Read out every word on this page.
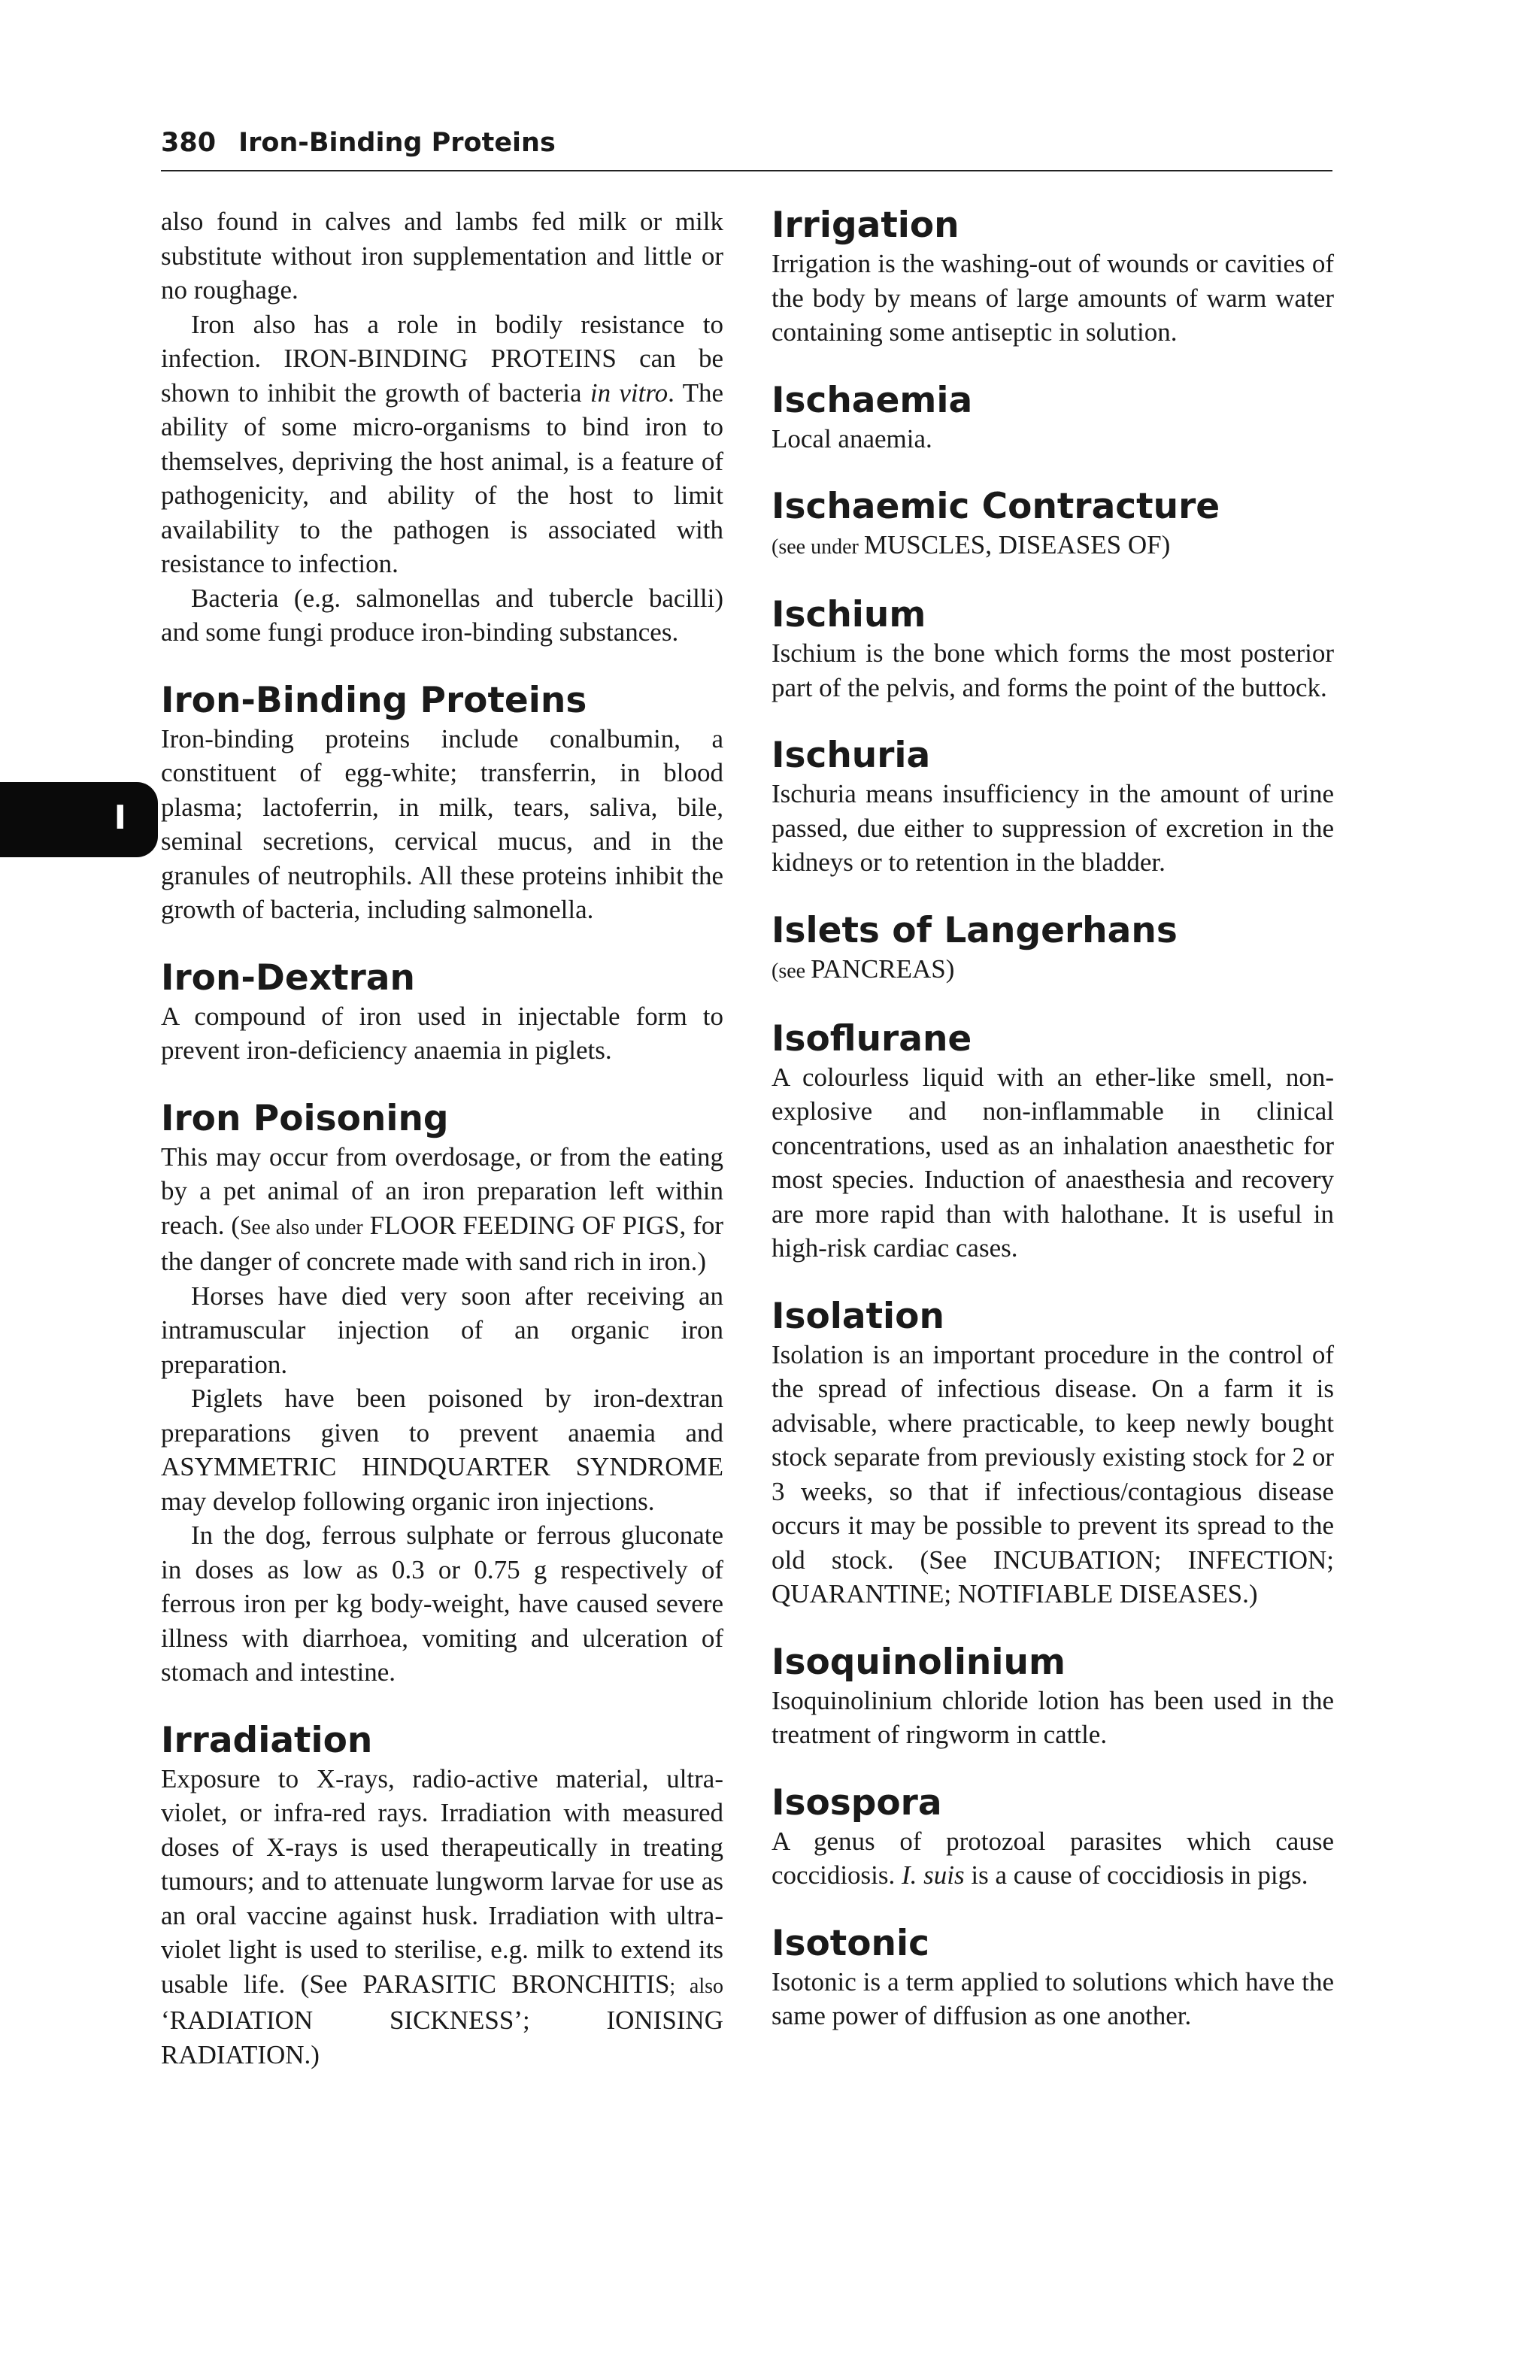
380 Iron-Binding Proteins
I

also found in calves and lambs fed milk or milk substitute without iron supplementation and little or no roughage.

Iron also has a role in bodily resistance to infection. IRON-BINDING PROTEINS can be shown to inhibit the growth of bacteria in vitro. The ability of some micro-organisms to bind iron to themselves, depriving the host animal, is a feature of pathogenicity, and ability of the host to limit availability to the pathogen is associated with resistance to infection.

Bacteria (e.g. salmonellas and tubercle bacilli) and some fungi produce iron-binding substances.

Iron-Binding Proteins

Iron-binding proteins include conalbumin, a constituent of egg-white; transferrin, in blood plasma; lactoferrin, in milk, tears, saliva, bile, seminal secretions, cervical mucus, and in the granules of neutrophils. All these proteins inhibit the growth of bacteria, including salmonella.

Iron-Dextran

A compound of iron used in injectable form to prevent iron-deficiency anaemia in piglets.

Iron Poisoning

This may occur from overdosage, or from the eating by a pet animal of an iron preparation left within reach. (See also under FLOOR FEEDING OF PIGS, for the danger of concrete made with sand rich in iron.)

Horses have died very soon after receiving an intramuscular injection of an organic iron preparation.

Piglets have been poisoned by iron-dextran preparations given to prevent anaemia and ASYMMETRIC HINDQUARTER SYNDROME may develop following organic iron injections.

In the dog, ferrous sulphate or ferrous gluconate in doses as low as 0.3 or 0.75 g respectively of ferrous iron per kg body-weight, have caused severe illness with diarrhoea, vomiting and ulceration of stomach and intestine.

Irradiation

Exposure to X-rays, radio-active material, ultra-violet, or infra-red rays. Irradiation with measured doses of X-rays is used therapeutically in treating tumours; and to attenuate lungworm larvae for use as an oral vaccine against husk. Irradiation with ultra-violet light is used to sterilise, e.g. milk to extend its usable life. (See PARASITIC BRONCHITIS; also ‘RADIATION SICKNESS’; IONISING RADIATION.)

Irrigation

Irrigation is the washing-out of wounds or cavities of the body by means of large amounts of warm water containing some antiseptic in solution.

Ischaemia

Local anaemia.

Ischaemic Contracture

(see under MUSCLES, DISEASES OF)

Ischium

Ischium is the bone which forms the most posterior part of the pelvis, and forms the point of the buttock.

Ischuria

Ischuria means insufficiency in the amount of urine passed, due either to suppression of excretion in the kidneys or to retention in the bladder.

Islets of Langerhans

(see PANCREAS)

Isoflurane

A colourless liquid with an ether-like smell, non-explosive and non-inflammable in clinical concentrations, used as an inhalation anaesthetic for most species. Induction of anaesthesia and recovery are more rapid than with halothane. It is useful in high-risk cardiac cases.

Isolation

Isolation is an important procedure in the control of the spread of infectious disease. On a farm it is advisable, where practicable, to keep newly bought stock separate from previously existing stock for 2 or 3 weeks, so that if infectious/contagious disease occurs it may be possible to prevent its spread to the old stock. (See INCUBATION; INFECTION; QUARANTINE; NOTIFIABLE DISEASES.)

Isoquinolinium

Isoquinolinium chloride lotion has been used in the treatment of ringworm in cattle.

Isospora

A genus of protozoal parasites which cause coccidiosis. I. suis is a cause of coccidiosis in pigs.

Isotonic

Isotonic is a term applied to solutions which have the same power of diffusion as one another.
